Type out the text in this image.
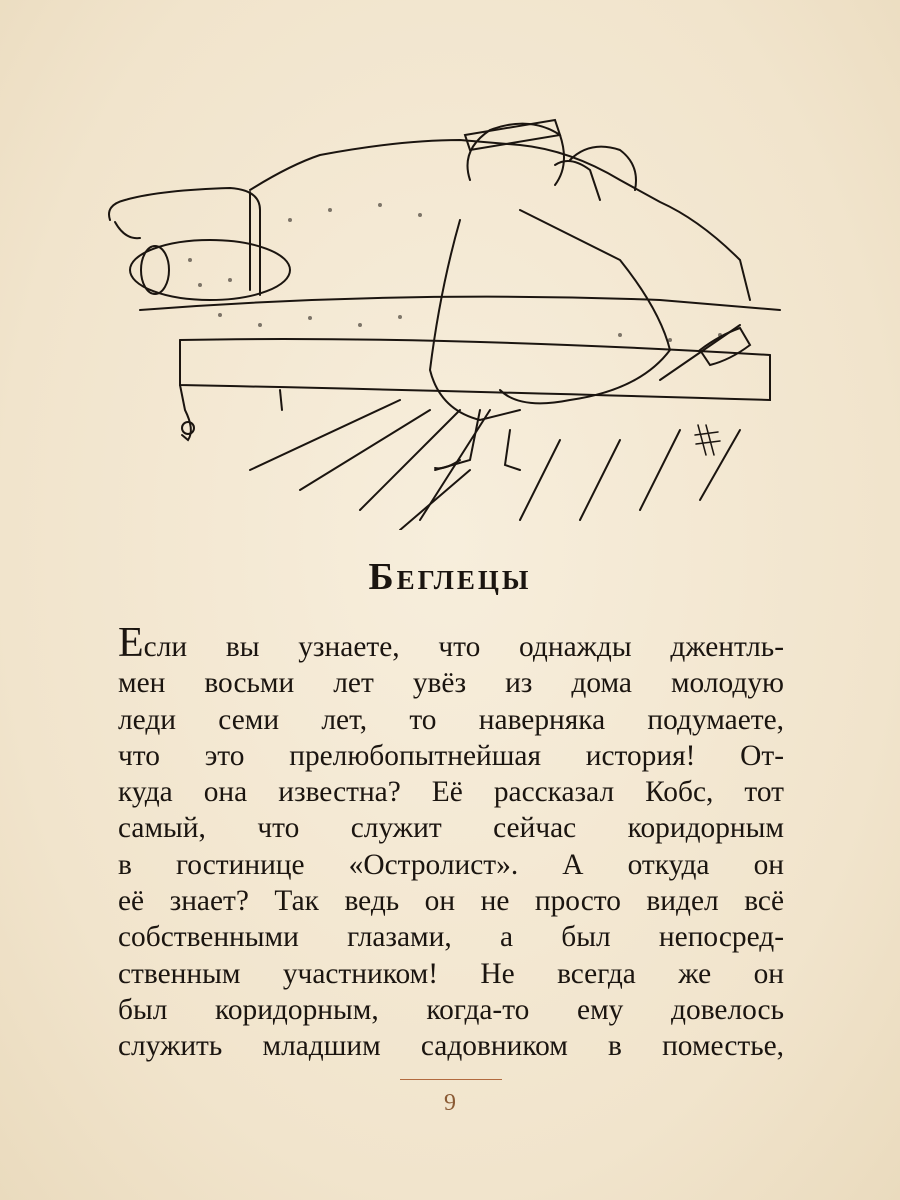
Беглецы
Если вы узнаете, что однажды джентль-
мен восьми лет увёз из дома молодую
леди семи лет, то наверняка подумаете,
что это прелюбопытнейшая история! От-
куда она известна? Её рассказал Кобс, тот
самый, что служит сейчас коридорным
в гостинице «Остролист». А откуда он
её знает? Так ведь он не просто видел всё
собственными глазами, а был непосред-
ственным участником! Не всегда же он
был коридорным, когда-то ему довелось
служить младшим садовником в поместье,
9
